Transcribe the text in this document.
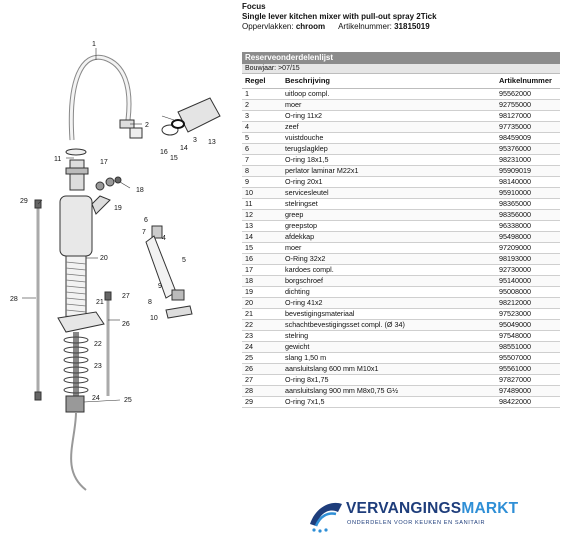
1
2
3 13
14
15
16
11	17
18
19
29
6
7
4
20	5
28	21
27
9
22
8
10
26
23
24	25
Focus
Single lever kitchen mixer with pull-out spray 2Tick
Oppervlakken: chroom Artikelnummer: 31815019
Reserveonderdelenlijst
Bouwjaar: >07/15
Regel	Beschrijving	Artikelnummer
1	uitloop compl.	95562000
2	moer	92755000
3	O-ring 11x2	98127000
4	zeef	97735000
5	vuistdouche	98459009
6	terugslagklep	95376000
7	O-ring 18x1,5	98231000
8	perlator laminar M22x1	95909019
9	O-ring 20x1	98140000
10	servicesleutel	95910000
11	stelringset	98365000
12	greep	98356000
13	greepstop	96338000
14	afdekkap	95498000
15	moer	97209000
16	O-Ring 32x2	98193000
17	kardoes compl.	92730000
18	borgschroef	95140000
19	dichting	95008000
20	O-ring 41x2	98212000
21	bevestigingsmateriaal	97523000
22	schachtbevestigingsset compl. (Ø 34)	95049000
23	stelring	97548000
24	gewicht	98551000
25	slang 1,50 m	95507000
26	aansluitslang 600 mm M10x1	95561000
27	O-ring 8x1,75	97827000
28	aansluitslang 900 mm M8x0,75 G½	97489000
29	O-ring 7x1,5	98422000
VERVANGINGSMARKT
ONDERDELEN VOOR KEUKEN EN SANITAIR
